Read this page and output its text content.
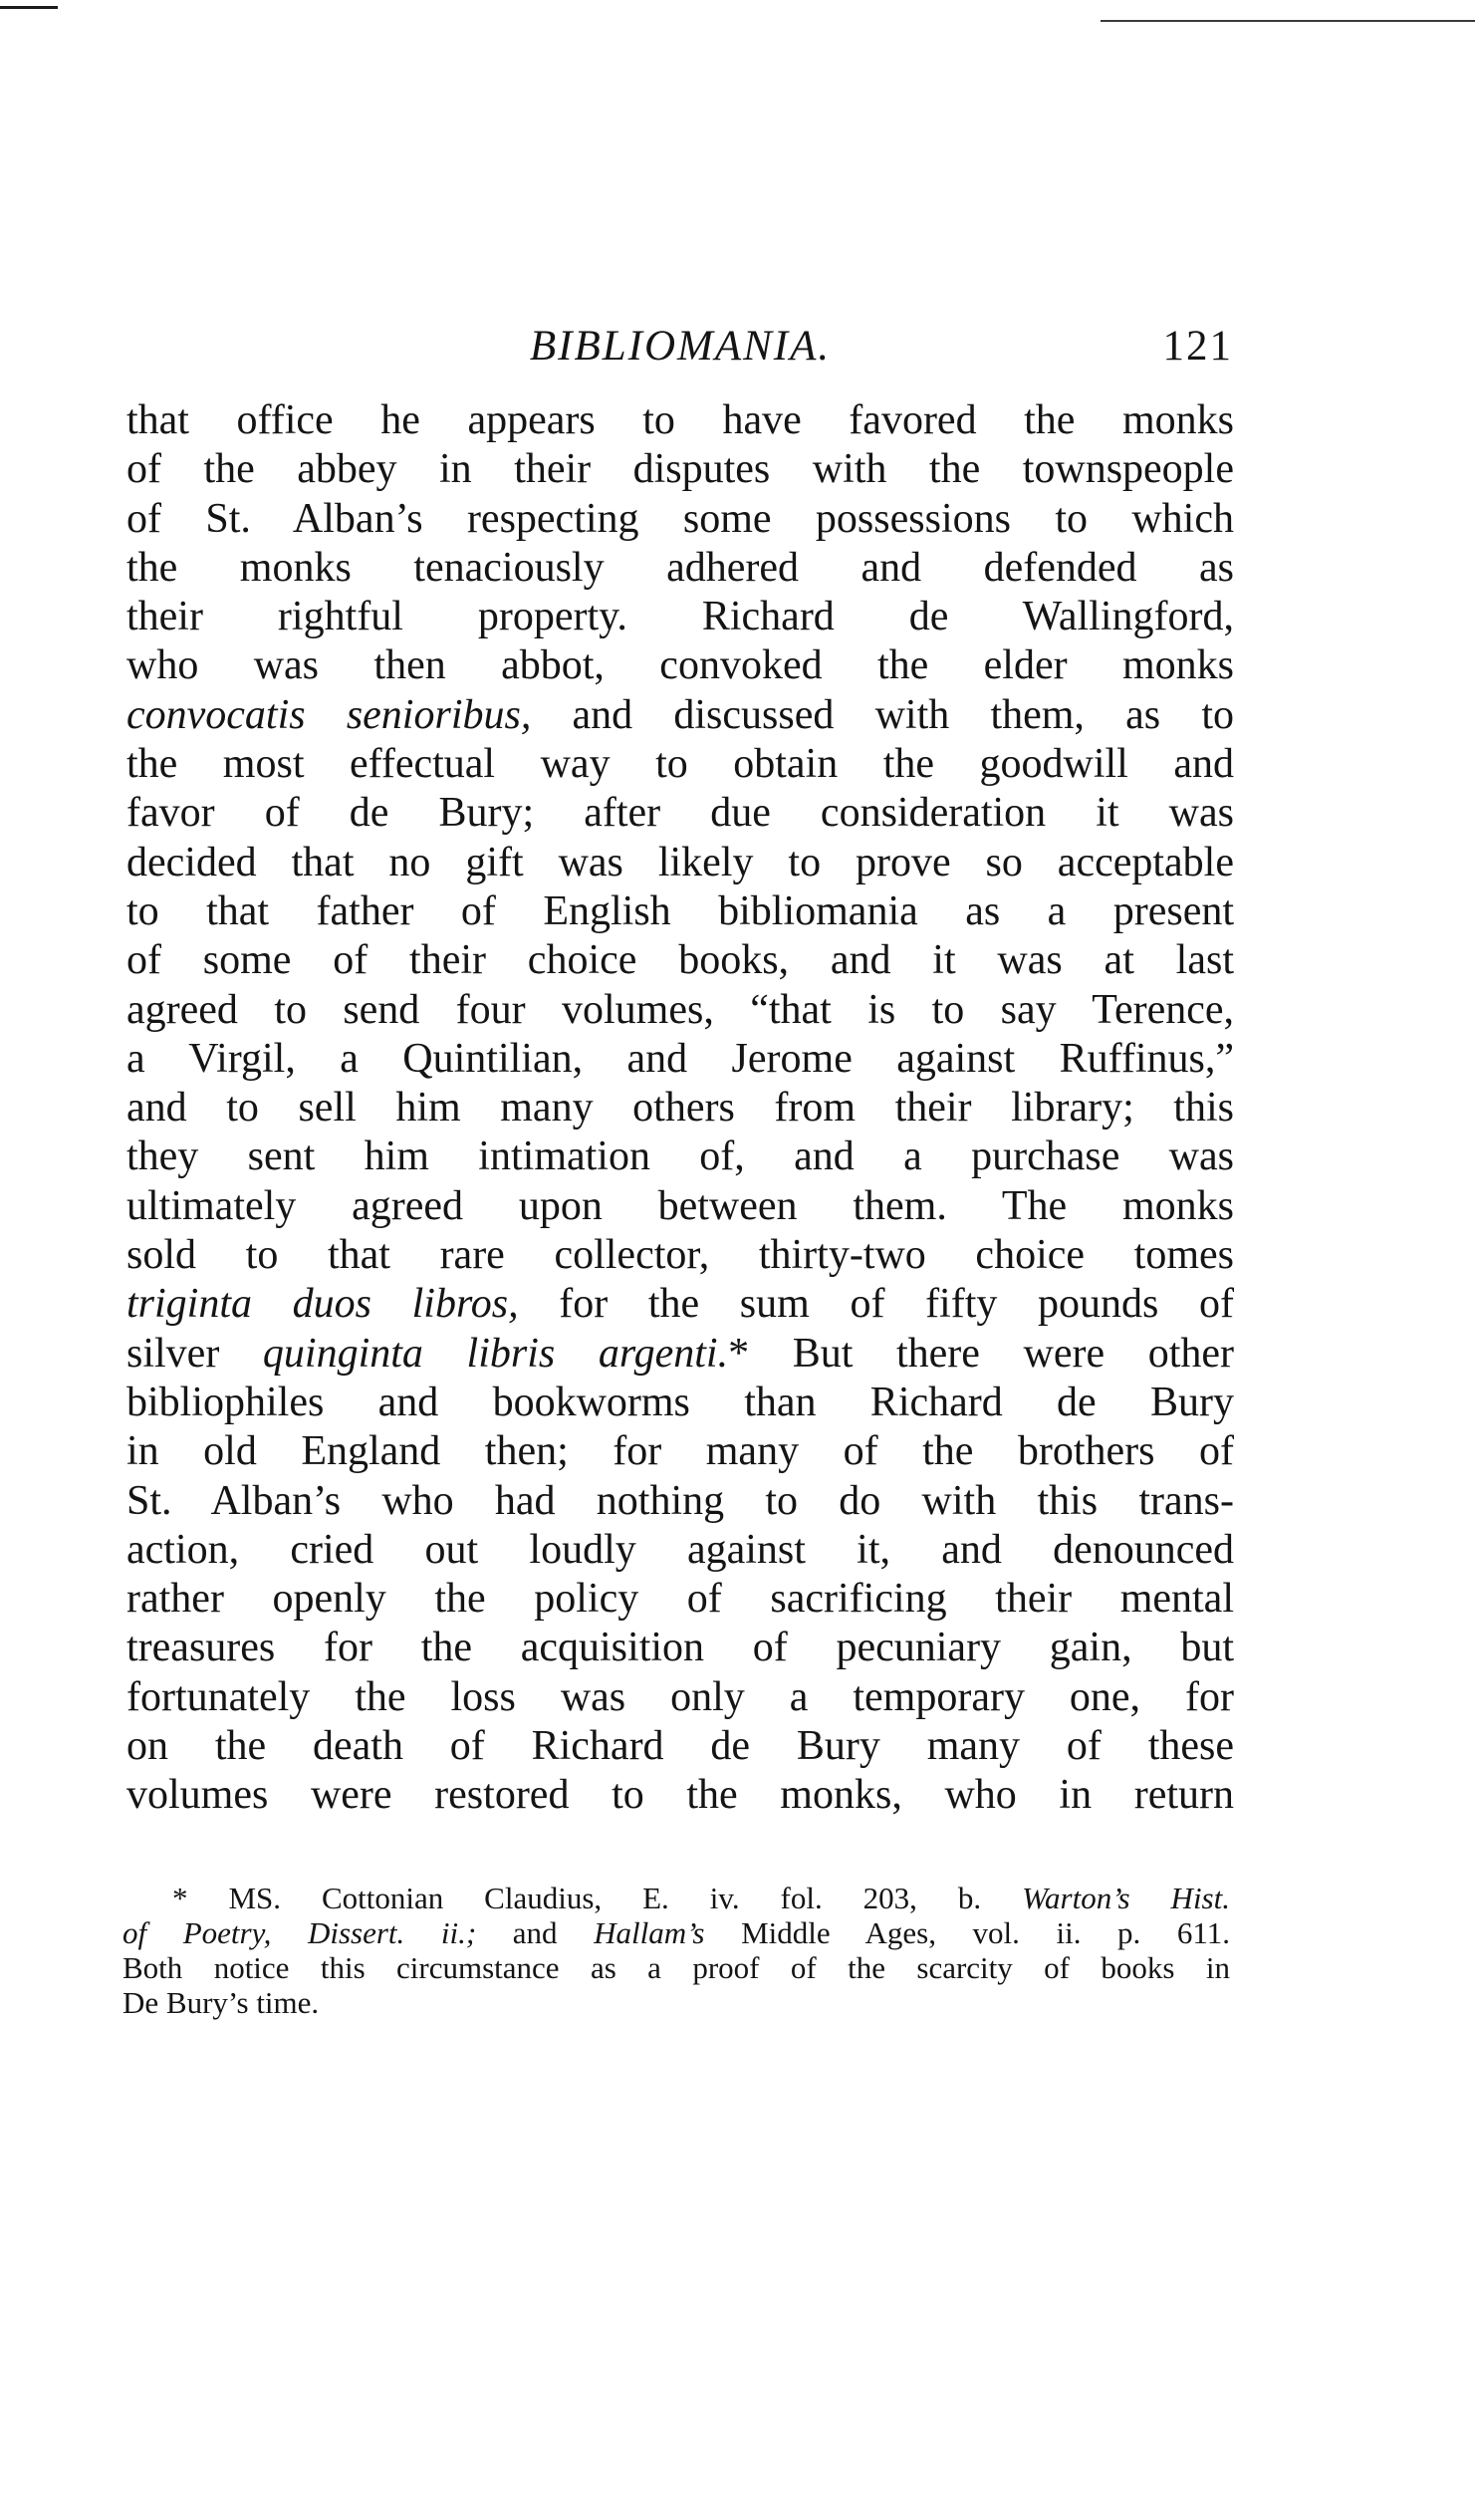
BIBLIOMANIA.	121
that office he appears to have favored the monks
of the abbey in their disputes with the townspeople
of St. Alban’s respecting some possessions to which
the monks tenaciously adhered and defended as
their rightful property. Richard de Wallingford,
who was then abbot, convoked the elder monks
convocatis senioribus, and discussed with them, as to
the most effectual way to obtain the goodwill and
favor of de Bury; after due consideration it was
decided that no gift was likely to prove so acceptable
to that father of English bibliomania as a present
of some of their choice books, and it was at last
agreed to send four volumes, “that is to say Terence,
a Virgil, a Quintilian, and Jerome against Ruffinus,”
and to sell him many others from their library; this
they sent him intimation of, and a purchase was
ultimately agreed upon between them. The monks
sold to that rare collector, thirty-two choice tomes
triginta duos libros, for the sum of fifty pounds of
silver quinginta libris argenti.* But there were other
bibliophiles and bookworms than Richard de Bury
in old England then; for many of the brothers of
St. Alban’s who had nothing to do with this trans-
action, cried out loudly against it, and denounced
rather openly the policy of sacrificing their mental
treasures for the acquisition of pecuniary gain, but
fortunately the loss was only a temporary one, for
on the death of Richard de Bury many of these
volumes were restored to the monks, who in return
* MS. Cottonian Claudius, E. iv. fol. 203, b. Warton’s Hist.
of Poetry, Dissert. ii.; and Hallam’s Middle Ages, vol. ii. p. 611.
Both notice this circumstance as a proof of the scarcity of books in
De Bury’s time.
